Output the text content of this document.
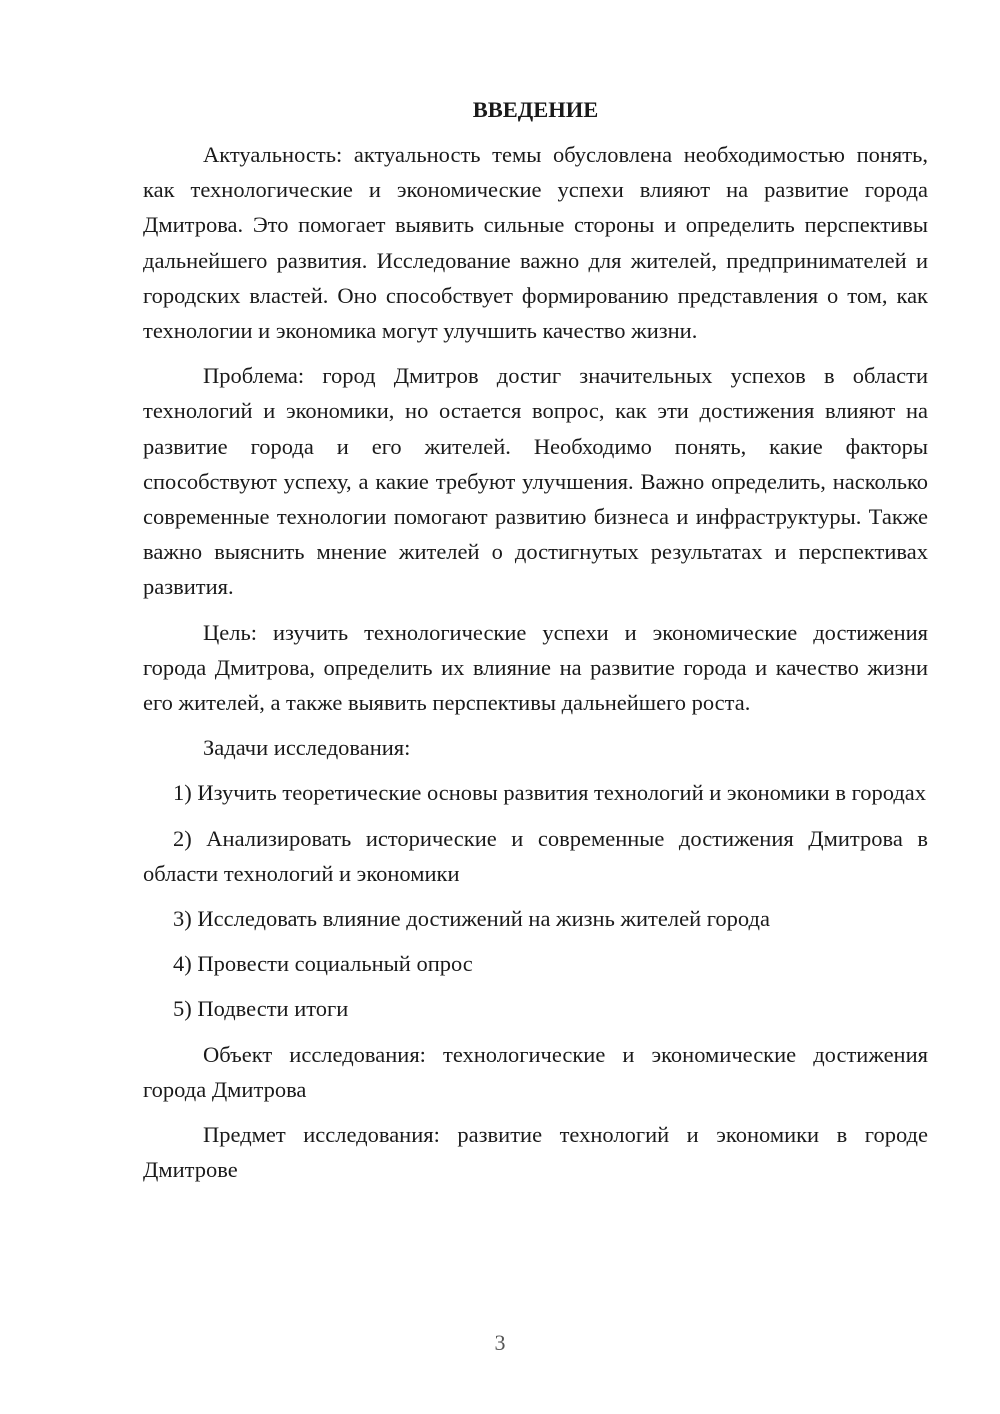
ВВЕДЕНИЕ

Актуальность: актуальность темы обусловлена необходимостью понять, как технологические и экономические успехи влияют на развитие города Дмитрова. Это помогает выявить сильные стороны и определить перспективы дальнейшего развития. Исследование важно для жителей, предпринимателей и городских властей. Оно способствует формированию представления о том, как технологии и экономика могут улучшить качество жизни.

Проблема: город Дмитров достиг значительных успехов в области технологий и экономики, но остается вопрос, как эти достижения влияют на развитие города и его жителей. Необходимо понять, какие факторы способствуют успеху, а какие требуют улучшения. Важно определить, насколько современные технологии помогают развитию бизнеса и инфраструктуры. Также важно выяснить мнение жителей о достигнутых результатах и перспективах развития.

Цель: изучить технологические успехи и экономические достижения города Дмитрова, определить их влияние на развитие города и качество жизни его жителей, а также выявить перспективы дальнейшего роста.

Задачи исследования:

1) Изучить теоретические основы развития технологий и экономики в городах

2) Анализировать исторические и современные достижения Дмитрова в области технологий и экономики

3) Исследовать влияние достижений на жизнь жителей города

4) Провести социальный опрос

5) Подвести итоги

Объект исследования: технологические и экономические достижения города Дмитрова

Предмет исследования: развитие технологий и экономики в городе Дмитрове

3
